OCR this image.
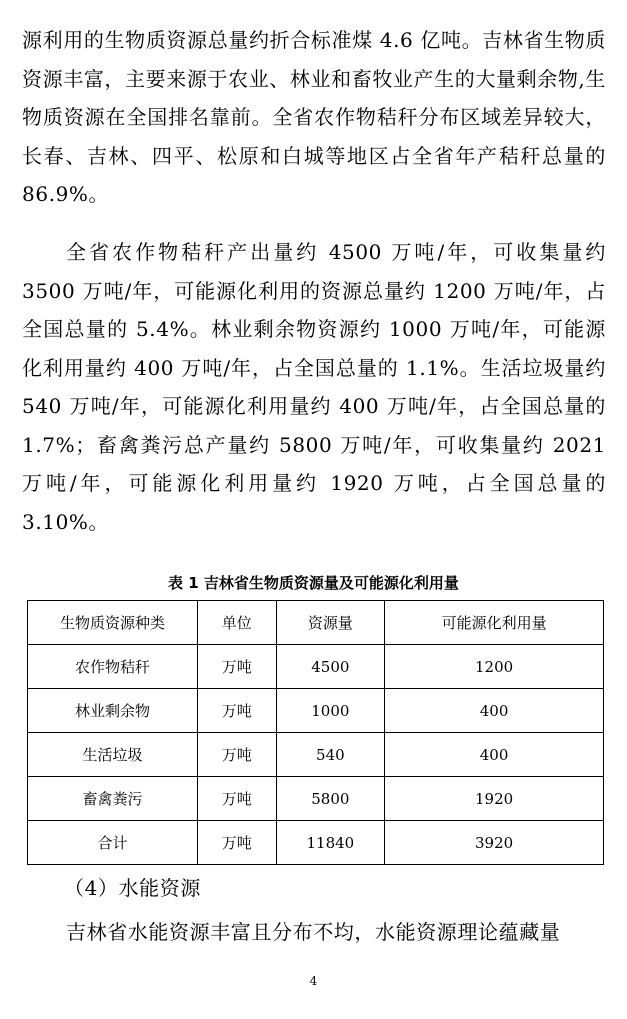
源利用的生物质资源总量约折合标准煤 4.6 亿吨。吉林省生物质资源丰富，主要来源于农业、林业和畜牧业产生的大量剩余物,生物质资源在全国排名靠前。全省农作物秸秆分布区域差异较大，长春、吉林、四平、松原和白城等地区占全省年产秸秆总量的 86.9%。

全省农作物秸秆产出量约 4500 万吨/年，可收集量约 3500 万吨/年，可能源化利用的资源总量约 1200 万吨/年，占全国总量的 5.4%。林业剩余物资源约 1000 万吨/年，可能源化利用量约 400 万吨/年，占全国总量的 1.1%。生活垃圾量约 540 万吨/年，可能源化利用量约 400 万吨/年，占全国总量的 1.7%；畜禽粪污总产量约 5800 万吨/年，可收集量约 2021 万吨/年，可能源化利用量约 1920 万吨，占全国总量的 3.10%。

表 1 吉林省生物质资源量及可能源化利用量
生物质资源种类	单位	资源量	可能源化利用量
农作物秸秆	万吨	4500	1200
林业剩余物	万吨	1000	400
生活垃圾	万吨	540	400
畜禽粪污	万吨	5800	1920
合计	万吨	11840	3920
（4）水能资源

吉林省水能资源丰富且分布不均，水能资源理论蕴藏量

4
